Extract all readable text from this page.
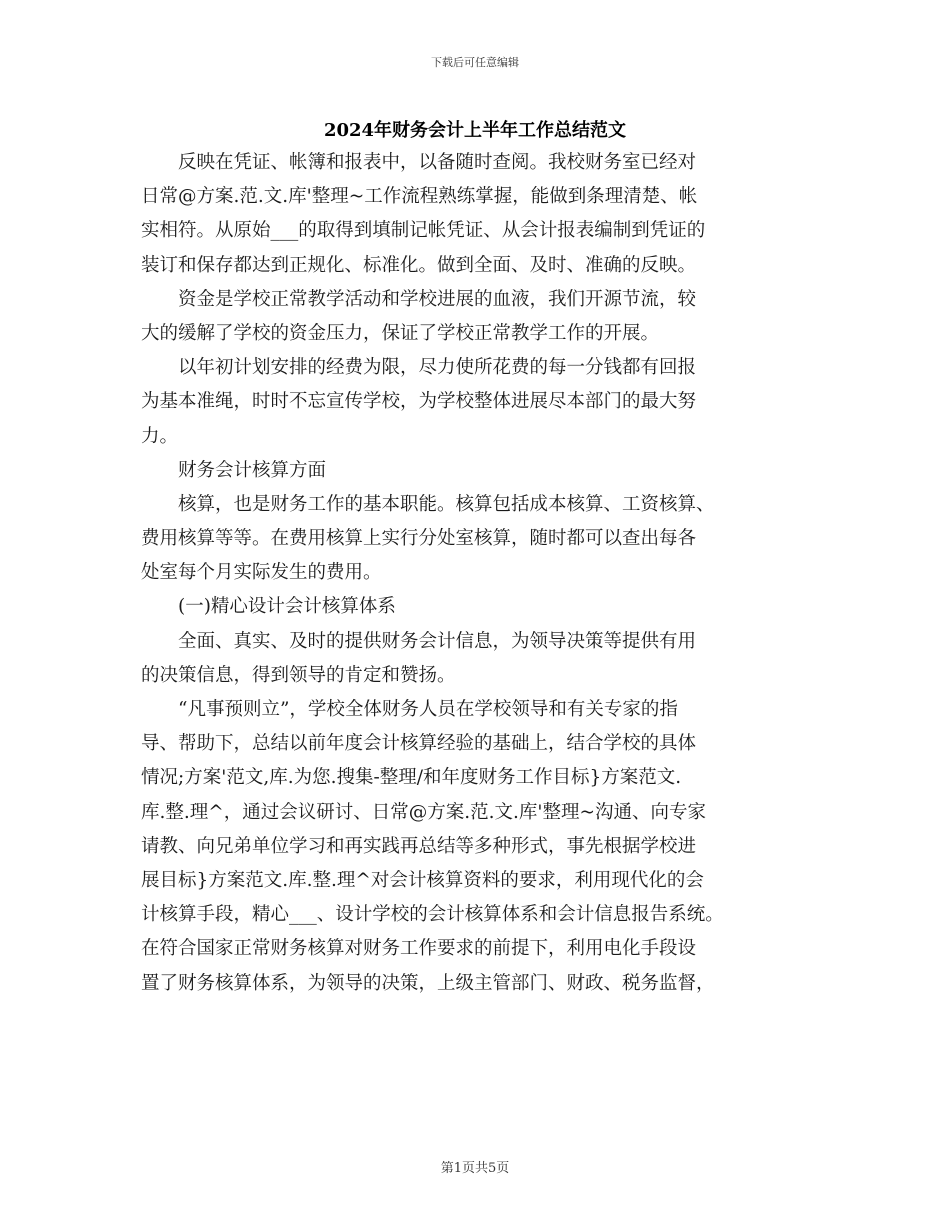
下载后可任意编辑
2024年财务会计上半年工作总结范文
　　反映在凭证、帐簿和报表中，以备随时查阅。我校财务室已经对
日常@方案.范.文.库'整理~工作流程熟练掌握，能做到条理清楚、帐
实相符。从原始___的取得到填制记帐凭证、从会计报表编制到凭证的
装订和保存都达到正规化、标准化。做到全面、及时、准确的反映。
　　资金是学校正常教学活动和学校进展的血液，我们开源节流，较
大的缓解了学校的资金压力，保证了学校正常教学工作的开展。
　　以年初计划安排的经费为限，尽力使所花费的每一分钱都有回报
为基本准绳，时时不忘宣传学校，为学校整体进展尽本部门的最大努
力。
　　财务会计核算方面
　　核算，也是财务工作的基本职能。核算包括成本核算、工资核算、
费用核算等等。在费用核算上实行分处室核算，随时都可以查出每各
处室每个月实际发生的费用。
　　(一)精心设计会计核算体系
　　全面、真实、及时的提供财务会计信息，为领导决策等提供有用
的决策信息，得到领导的肯定和赞扬。
　　“凡事预则立”，学校全体财务人员在学校领导和有关专家的指
导、帮助下，总结以前年度会计核算经验的基础上，结合学校的具体
情况;方案'范文,库.为您.搜集-整理/和年度财务工作目标}方案范文.
库.整.理^，通过会议研讨、日常@方案.范.文.库'整理~沟通、向专家
请教、向兄弟单位学习和再实践再总结等多种形式，事先根据学校进
展目标}方案范文.库.整.理^对会计核算资料的要求，利用现代化的会
计核算手段，精心___、设计学校的会计核算体系和会计信息报告系统。
在符合国家正常财务核算对财务工作要求的前提下，利用电化手段设
置了财务核算体系，为领导的决策，上级主管部门、财政、税务监督，
第1页共5页
